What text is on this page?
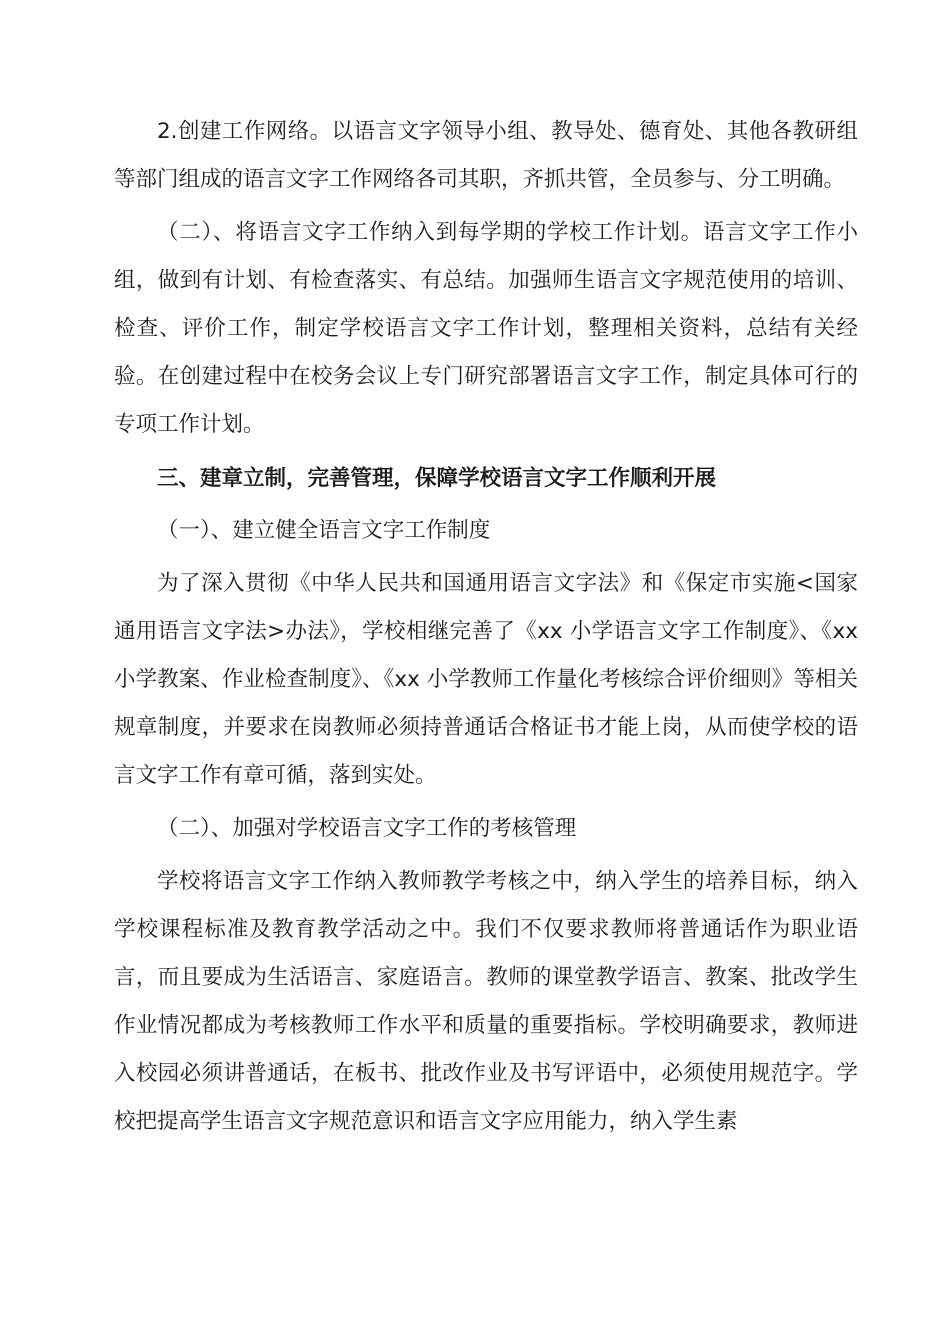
2.创建工作网络。以语言文字领导小组、教导处、德育处、其他各教研组等部门组成的语言文字工作网络各司其职，齐抓共管，全员参与、分工明确。

（二）、将语言文字工作纳入到每学期的学校工作计划。语言文字工作小组，做到有计划、有检查落实、有总结。加强师生语言文字规范使用的培训、检查、评价工作，制定学校语言文字工作计划，整理相关资料，总结有关经验。在创建过程中在校务会议上专门研究部署语言文字工作，制定具体可行的专项工作计划。

三、建章立制，完善管理，保障学校语言文字工作顺利开展

（一）、建立健全语言文字工作制度

为了深入贯彻《中华人民共和国通用语言文字法》和《保定市实施<国家通用语言文字法>办法》，学校相继完善了《xx 小学语言文字工作制度》、《xx 小学教案、作业检查制度》、《xx 小学教师工作量化考核综合评价细则》等相关规章制度，并要求在岗教师必须持普通话合格证书才能上岗，从而使学校的语言文字工作有章可循，落到实处。

（二）、加强对学校语言文字工作的考核管理

学校将语言文字工作纳入教师教学考核之中，纳入学生的培养目标，纳入学校课程标准及教育教学活动之中。我们不仅要求教师将普通话作为职业语言，而且要成为生活语言、家庭语言。教师的课堂教学语言、教案、批改学生作业情况都成为考核教师工作水平和质量的重要指标。学校明确要求，教师进入校园必须讲普通话，在板书、批改作业及书写评语中，必须使用规范字。学校把提高学生语言文字规范意识和语言文字应用能力，纳入学生素
